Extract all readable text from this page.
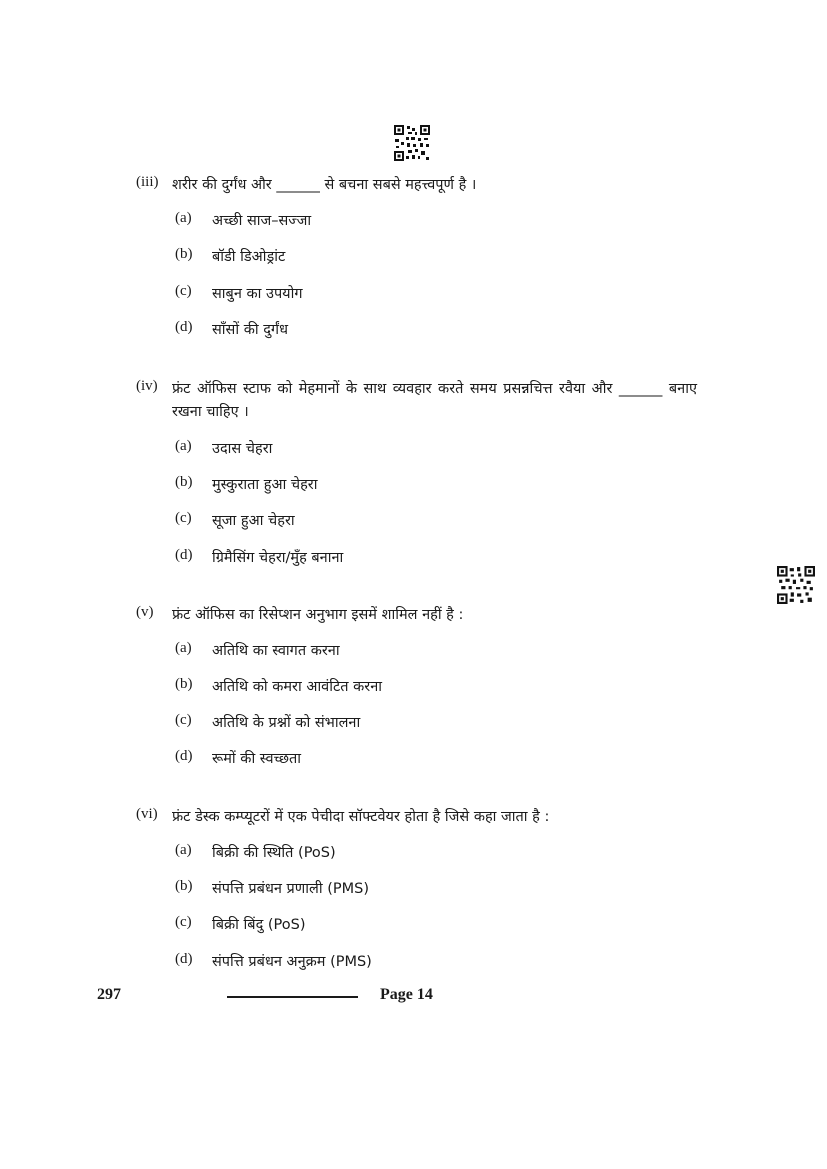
(iii) शरीर की दुर्गंध और ______ से बचना सबसे महत्त्वपूर्ण है ।
(a) अच्छी साज–सज्जा
(b) बॉडी डिओड्रांट
(c) साबुन का उपयोग
(d) साँसों की दुर्गंध
(iv) फ्रंट ऑफिस स्टाफ को मेहमानों के साथ व्यवहार करते समय प्रसन्नचित्त रवैया और ______ बनाए रखना चाहिए ।
(a) उदास चेहरा
(b) मुस्कुराता हुआ चेहरा
(c) सूजा हुआ चेहरा
(d) ग्रिमैसिंग चेहरा/मुँह बनाना
(v) फ्रंट ऑफिस का रिसेप्शन अनुभाग इसमें शामिल नहीं है :
(a) अतिथि का स्वागत करना
(b) अतिथि को कमरा आवंटित करना
(c) अतिथि के प्रश्नों को संभालना
(d) रूमों की स्वच्छता
(vi) फ्रंट डेस्क कम्प्यूटरों में एक पेचीदा सॉफ्टवेयर होता है जिसे कहा जाता है :
(a) बिक्री की स्थिति (PoS)
(b) संपत्ति प्रबंधन प्रणाली (PMS)
(c) बिक्री बिंदु (PoS)
(d) संपत्ति प्रबंधन अनुक्रम (PMS)
297	Page 14
